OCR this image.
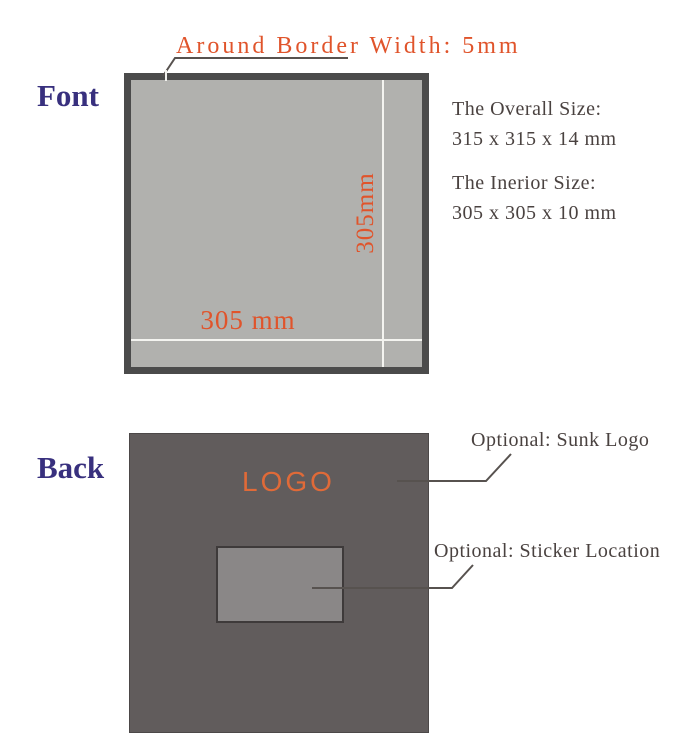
Font
Around Border Width: 5mm
305mm
305 mm
The Overall Size:
315 x 315 x 14 mm
The Inerior Size:
305 x 305 x 10 mm
Back	LOGO
Optional: Sunk Logo
Optional: Sticker Location
